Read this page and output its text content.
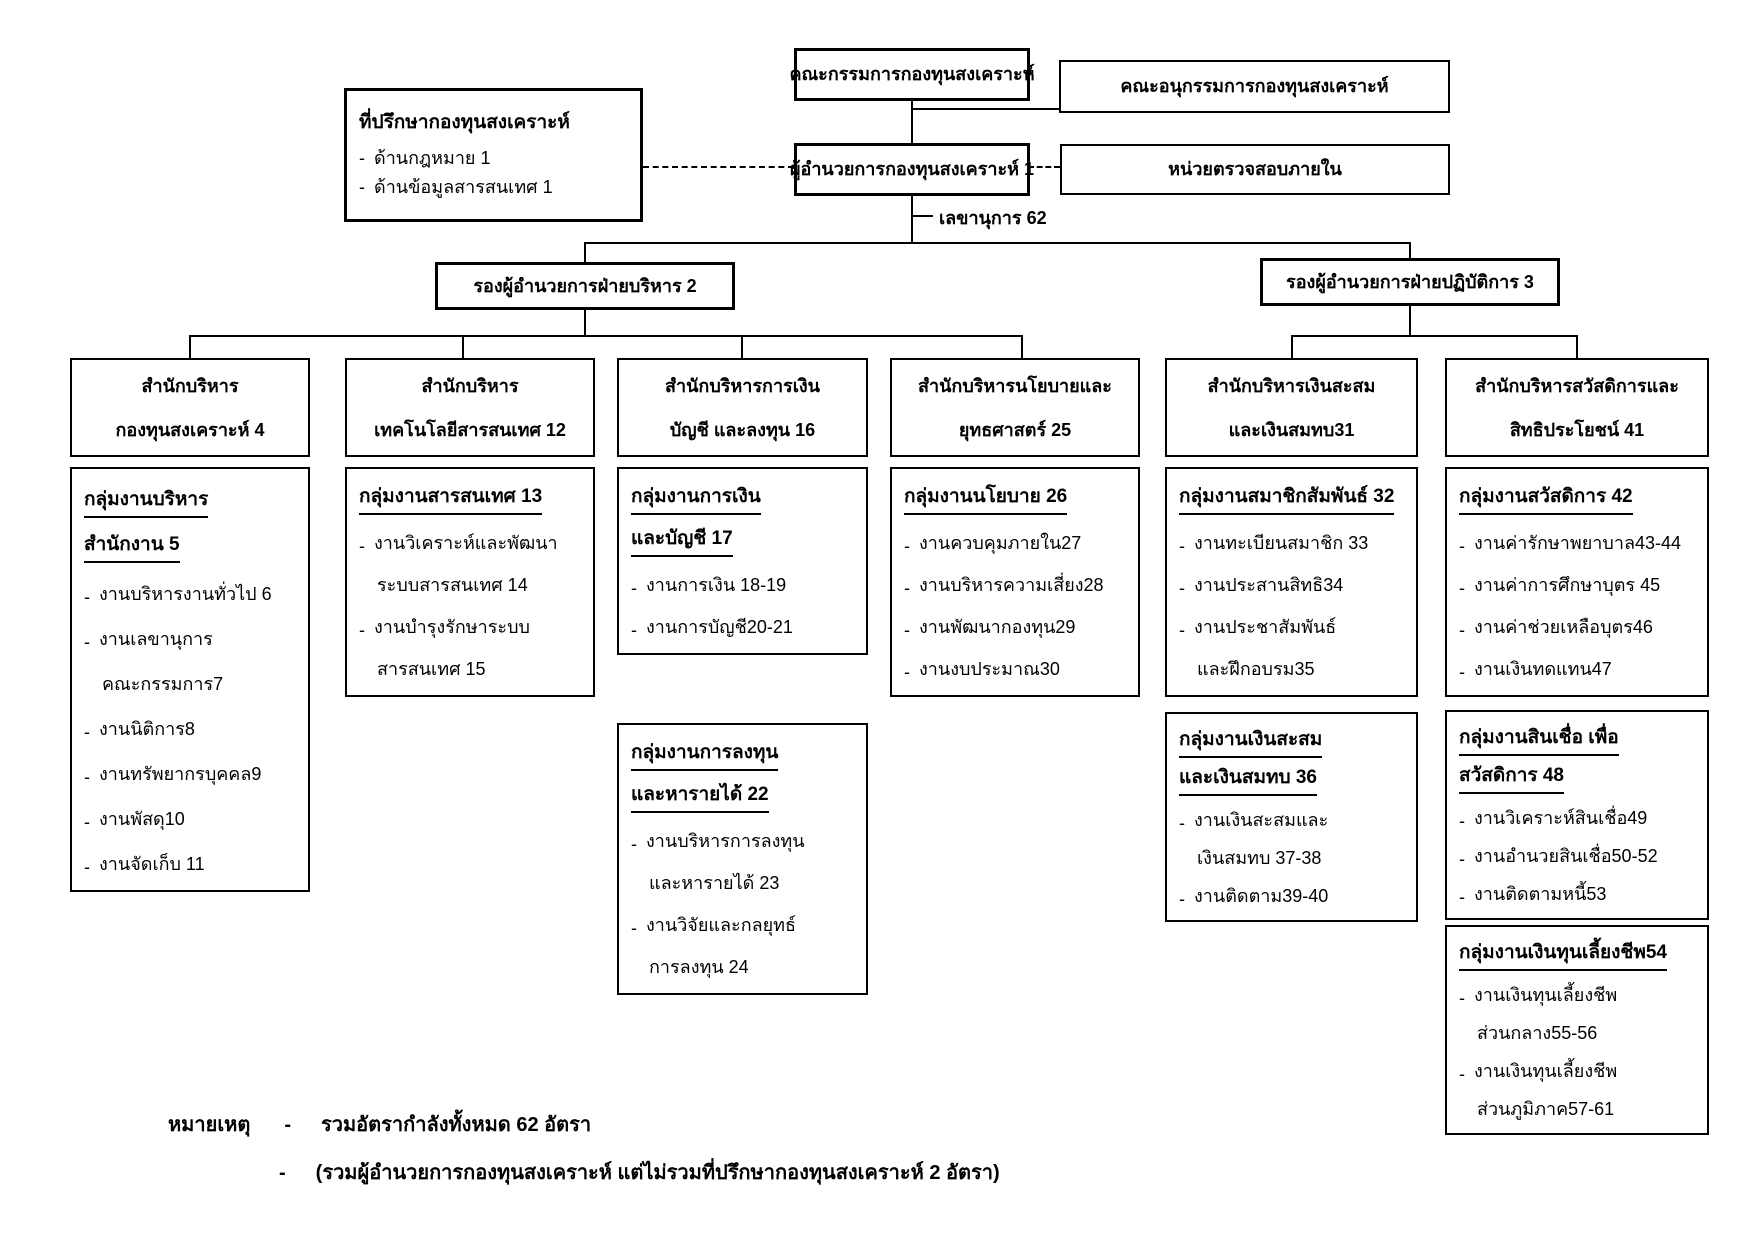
คณะกรรมการกองทุนสงเคราะห์
คณะอนุกรรมการกองทุนสงเคราะห์
ที่ปรึกษากองทุนสงเคราะห์
- ด้านกฎหมาย 1
- ด้านข้อมูลสารสนเทศ 1
ผู้อำนวยการกองทุนสงเคราะห์ 1	หน่วยตรวจสอบภายใน
เลขานุการ 62
รองผู้อำนวยการฝ่ายบริหาร 2	รองผู้อำนวยการฝ่ายปฏิบัติการ 3
สำนักบริหาร
กองทุนสงเคราะห์ 4
สำนักบริหาร
เทคโนโลยีสารสนเทศ 12
สำนักบริหารการเงิน
บัญชี และลงทุน 16
สำนักบริหารนโยบายและ
ยุทธศาสตร์ 25
สำนักบริหารเงินสะสม
และเงินสมทบ31
สำนักบริหารสวัสดิการและ
สิทธิประโยชน์ 41
กลุ่มงานบริหาร
สำนักงาน 5
- งานบริหารงานทั่วไป 6
- งานเลขานุการ
คณะกรรมการ7
- งานนิติการ8
- งานทรัพยากรบุคคล9
- งานพัสดุ10
- งานจัดเก็บ 11
กลุ่มงานสารสนเทศ 13
- งานวิเคราะห์และพัฒนา
ระบบสารสนเทศ 14
- งานบำรุงรักษาระบบ
สารสนเทศ 15
กลุ่มงานการเงิน
และบัญชี 17
- งานการเงิน 18-19
- งานการบัญชี20-21
กลุ่มงานการลงทุน
และหารายได้ 22
- งานบริหารการลงทุน
และหารายได้ 23
- งานวิจัยและกลยุทธ์
การลงทุน 24
กลุ่มงานนโยบาย 26
- งานควบคุมภายใน27
- งานบริหารความเสี่ยง28
- งานพัฒนากองทุน29
- งานงบประมาณ30
กลุ่มงานสมาชิกสัมพันธ์ 32
- งานทะเบียนสมาชิก 33
- งานประสานสิทธิ34
- งานประชาสัมพันธ์
และฝึกอบรม35
กลุ่มงานเงินสะสม
และเงินสมทบ 36
- งานเงินสะสมและ
เงินสมทบ 37-38
- งานติดตาม39-40
กลุ่มงานสวัสดิการ 42
- งานค่ารักษาพยาบาล43-44
- งานค่าการศึกษาบุตร 45
- งานค่าช่วยเหลือบุตร46
- งานเงินทดแทน47
กลุ่มงานสินเชื่อ เพื่อ
สวัสดิการ 48
- งานวิเคราะห์สินเชื่อ49
- งานอำนวยสินเชื่อ50-52
- งานติดตามหนี้53
กลุ่มงานเงินทุนเลี้ยงชีพ54
- งานเงินทุนเลี้ยงชีพ
ส่วนกลาง55-56
- งานเงินทุนเลี้ยงชีพ
ส่วนภูมิภาค57-61
หมายเหตุ - รวมอัตรากำลังทั้งหมด 62 อัตรา
- (รวมผู้อำนวยการกองทุนสงเคราะห์ แต่ไม่รวมที่ปรึกษากองทุนสงเคราะห์ 2 อัตรา)
